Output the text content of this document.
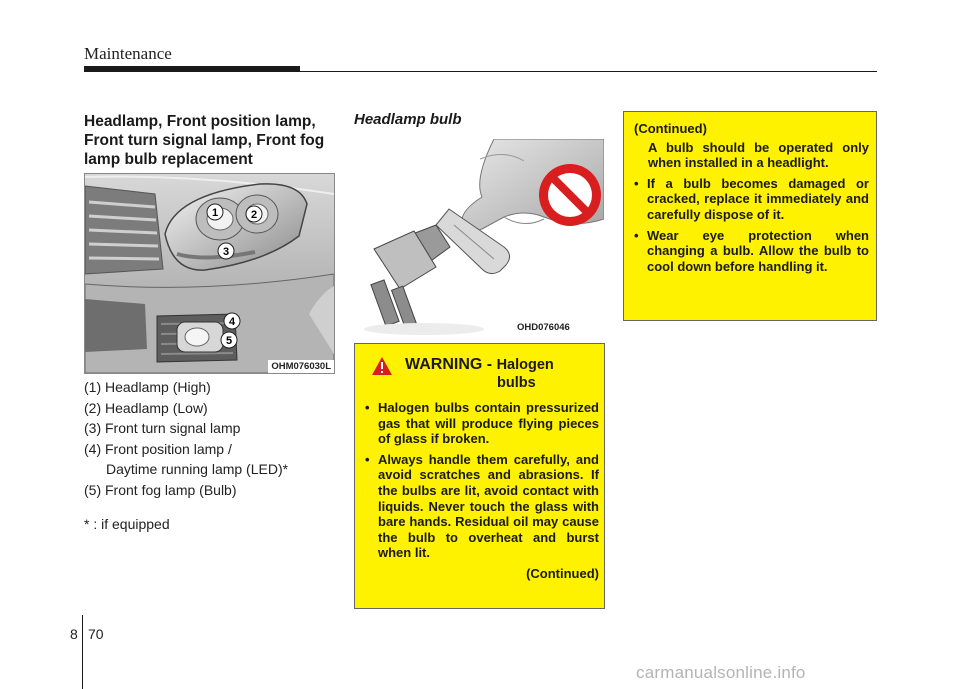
Maintenance
Headlamp, Front position lamp, Front turn signal lamp, Front fog lamp bulb replacement
1	2
3
4
5
OHM076030L
(1) Headlamp (High)
(2) Headlamp (Low)
(3) Front turn signal lamp
(4) Front position lamp /
Daytime running lamp (LED)*
(5) Front fog lamp (Bulb)
* : if equipped
Headlamp bulb
OHD076046
WARNING - Halogen
bulbs
• Halogen bulbs contain pressurized gas that will produce flying pieces of glass if broken.
• Always handle them carefully, and avoid scratches and abrasions. If the bulbs are lit, avoid contact with liquids. Never touch the glass with bare hands. Residual oil may cause the bulb to overheat and burst when lit.
(Continued)
(Continued)
A bulb should be operated only when installed in a headlight.
• If a bulb becomes damaged or cracked, replace it immediately and carefully dispose of it.
• Wear eye protection when changing a bulb. Allow the bulb to cool down before handling it.
8 70
carmanualsonline.info
